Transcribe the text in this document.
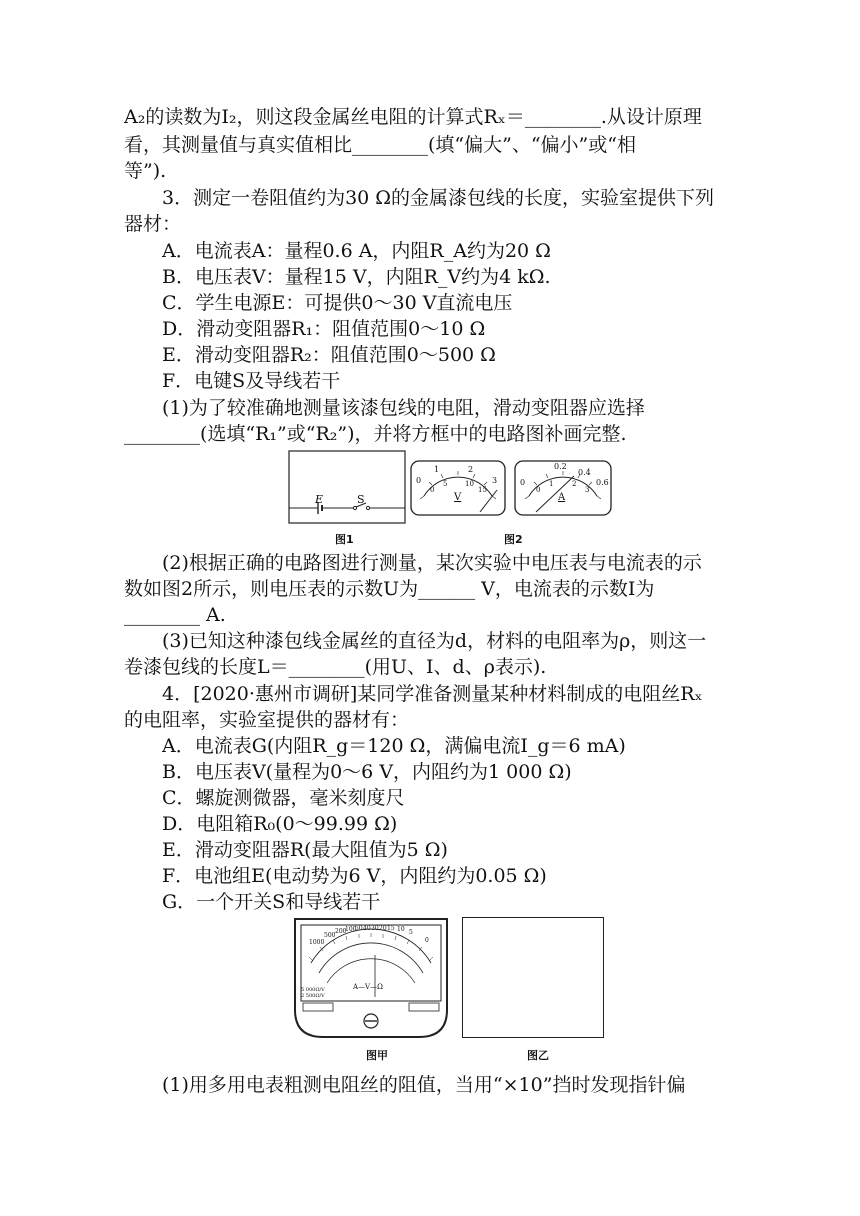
A₂的读数为I₂，则这段金属丝电阻的计算式Rₓ＝________.从设计原理
看，其测量值与真实值相比________(填“偏大”、“偏小”或“相
等”).
3．测定一卷阻值约为30 Ω的金属漆包线的长度，实验室提供下列
器材：
A．电流表A：量程0.6 A，内阻R_A约为20 Ω
B．电压表V：量程15 V，内阻R_V约为4 kΩ.
C．学生电源E：可提供0～30 V直流电压
D．滑动变阻器R₁：阻值范围0～10 Ω
E．滑动变阻器R₂：阻值范围0～500 Ω
F．电键S及导线若干
(1)为了较准确地测量该漆包线的电阻，滑动变阻器应选择
________(选填“R₁”或“R₂”)，并将方框中的电路图补画完整.
E	S
图1
0
1	2
3
0
5	10
15
V
0
0.2
0.4
0.6
0
1	2
3
A
图2
(2)根据正确的电路图进行测量，某次实验中电压表与电流表的示
数如图2所示，则电压表的示数U为______ V，电流表的示数I为
________ A.
(3)已知这种漆包线金属丝的直径为d，材料的电阻率为ρ，则这一
卷漆包线的长度L＝________(用U、I、d、ρ表示).
4．[2020·惠州市调研]某同学准备测量某种材料制成的电阻丝Rₓ
的电阻率，实验室提供的器材有：
A．电流表G(内阻R_g＝120 Ω，满偏电流I_g＝6 mA)
B．电压表V(量程为0～6 V，内阻约为1 000 Ω)
C．螺旋测微器，毫米刻度尺
D．电阻箱R₀(0～99.99 Ω)
E．滑动变阻器R(最大阻值为5 Ω)
F．电池组E(电动势为6 V，内阻约为0.05 Ω)
G．一个开关S和导线若干
1000
500
200
100
50 40 30 20 15 10 5
0
A—V—Ω
5 000Ω/V
2 500Ω/V
图甲	图乙
(1)用多用电表粗测电阻丝的阻值，当用“×10”挡时发现指针偏
